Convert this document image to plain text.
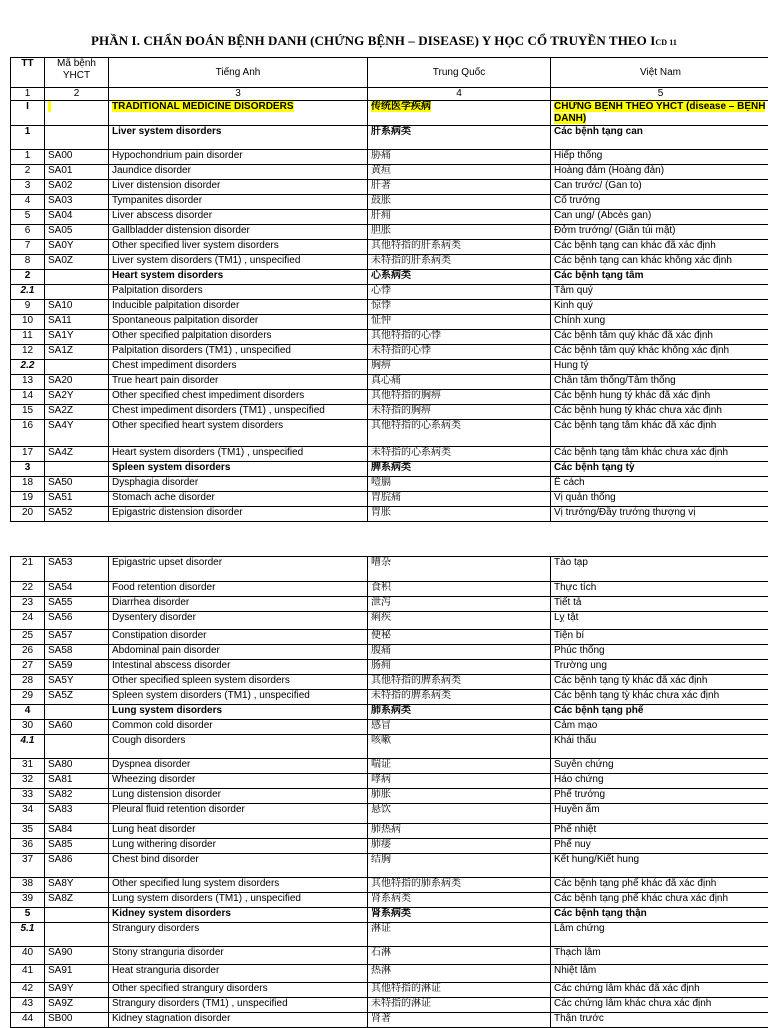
PHẦN I. CHẨN ĐOÁN BỆNH DANH (CHỨNG BỆNH – DISEASE) Y HỌC CỔ TRUYỀN THEO ICD 11
TT	Mã bệnh YHCT	Tiếng Anh	Trung Quốc	Việt Nam
1	2	3	4	5
I		TRADITIONAL MEDICINE DISORDERS	传统医学疾病	CHỨNG BỆNH THEO YHCT (disease – BỆNH DANH)
1		Liver system disorders	肝系病类	Các bệnh tạng can
1	SA00	Hypochondrium pain disorder	胁痛	Hiếp thống
2	SA01	Jaundice disorder	黄疸	Hoàng đảm (Hoàng đản)
3	SA02	Liver distension disorder	肝著	Can trước/ (Gan to)
4	SA03	Tympanites disorder	鼓胀	Cổ trướng
5	SA04	Liver abscess disorder	肝痈	Can ung/ (Abcès gan)
6	SA05	Gallbladder distension disorder	胆胀	Đởm trướng/ (Giãn túi mật)
7	SA0Y	Other specified liver system disorders	其他特指的肝系病类	Các bệnh tạng can khác đã xác định
8	SA0Z	Liver system disorders (TM1) , unspecified	未特指的肝系病类	Các bệnh tạng can khác không xác định
2		Heart system disorders	心系病类	Các bệnh tạng tâm
2.1		Palpitation disorders	心悸	Tâm quý
9	SA10	Inducible palpitation disorder	惊悸	Kinh quý
10	SA11	Spontaneous palpitation disorder	怔忡	Chính xung
11	SA1Y	Other specified palpitation disorders	其他特指的心悸	Các bệnh tâm quý khác đã xác định
12	SA1Z	Palpitation disorders (TM1) , unspecified	未特指的心悸	Các bệnh tâm quý khác không xác định
2.2		Chest impediment disorders	胸痹	Hung tý
13	SA20	True heart pain disorder	真心痛	Chân tâm thống/Tâm thống
14	SA2Y	Other specified chest impediment disorders	其他特指的胸痹	Các bệnh hung tý khác đã xác định
15	SA2Z	Chest impediment disorders (TM1) , unspecified	未特指的胸痹	Các bệnh hung tý khác chưa xác định
16	SA4Y	Other specified heart system disorders	其他特指的心系病类	Các bệnh tạng tâm khác đã xác định
17	SA4Z	Heart system disorders (TM1) , unspecified	未特指的心系病类	Các bệnh tạng tâm khác chưa xác định
3		Spleen system disorders	脾系病类	Các bệnh tạng tỳ
18	SA50	Dysphagia disorder	噎膈	Ế cách
19	SA51	Stomach ache disorder	胃脘痛	Vị quản thống
20	SA52	Epigastric distension disorder	胃胀	Vị trướng/Đầy trướng thượng vị
21	SA53	Epigastric upset disorder	嘈杂	Tào tạp
22	SA54	Food retention disorder	食积	Thực tích
23	SA55	Diarrhea disorder	泄泻	Tiết tả
24	SA56	Dysentery disorder	痢疾	Lỵ tật
25	SA57	Constipation disorder	便秘	Tiện bí
26	SA58	Abdominal pain disorder	腹痛	Phúc thống
27	SA59	Intestinal abscess disorder	肠痈	Trường ung
28	SA5Y	Other specified spleen system disorders	其他特指的脾系病类	Các bệnh tạng tỳ khác đã xác định
29	SA5Z	Spleen system disorders (TM1) , unspecified	未特指的脾系病类	Các bệnh tạng tỳ khác chưa xác định
4		Lung system disorders	肺系病类	Các bệnh tạng phế
30	SA60	Common cold disorder	感冒	Cảm mạo
4.1		Cough disorders	咳嗽	Khái thấu
31	SA80	Dyspnea disorder	喘证	Suyễn chứng
32	SA81	Wheezing disorder	哮病	Háo chứng
33	SA82	Lung distension disorder	肺胀	Phế trướng
34	SA83	Pleural fluid retention disorder	悬饮	Huyền ẩm
35	SA84	Lung heat disorder	肺热病	Phế nhiệt
36	SA85	Lung withering disorder	肺痿	Phế nuy
37	SA86	Chest bind disorder	结胸	Kết hung/Kiết hung
38	SA8Y	Other specified lung system disorders	其他特指的肺系病类	Các bệnh tạng phế khác đã xác định
39	SA8Z	Lung system disorders (TM1) , unspecified	肾系病类	Các bệnh tạng phế khác chưa xác định
5		Kidney system disorders	肾系病类	Các bệnh tạng thận
5.1		Strangury disorders	淋证	Lâm chứng
40	SA90	Stony stranguria disorder	石淋	Thạch lâm
41	SA91	Heat stranguria disorder	热淋	Nhiệt lâm
42	SA9Y	Other specified strangury disorders	其他特指的淋证	Các chứng lâm khác đã xác định
43	SA9Z	Strangury disorders (TM1) , unspecified	未特指的淋证	Các chứng lâm khác chưa xác định
44	SB00	Kidney stagnation disorder	肾著	Thận trước
